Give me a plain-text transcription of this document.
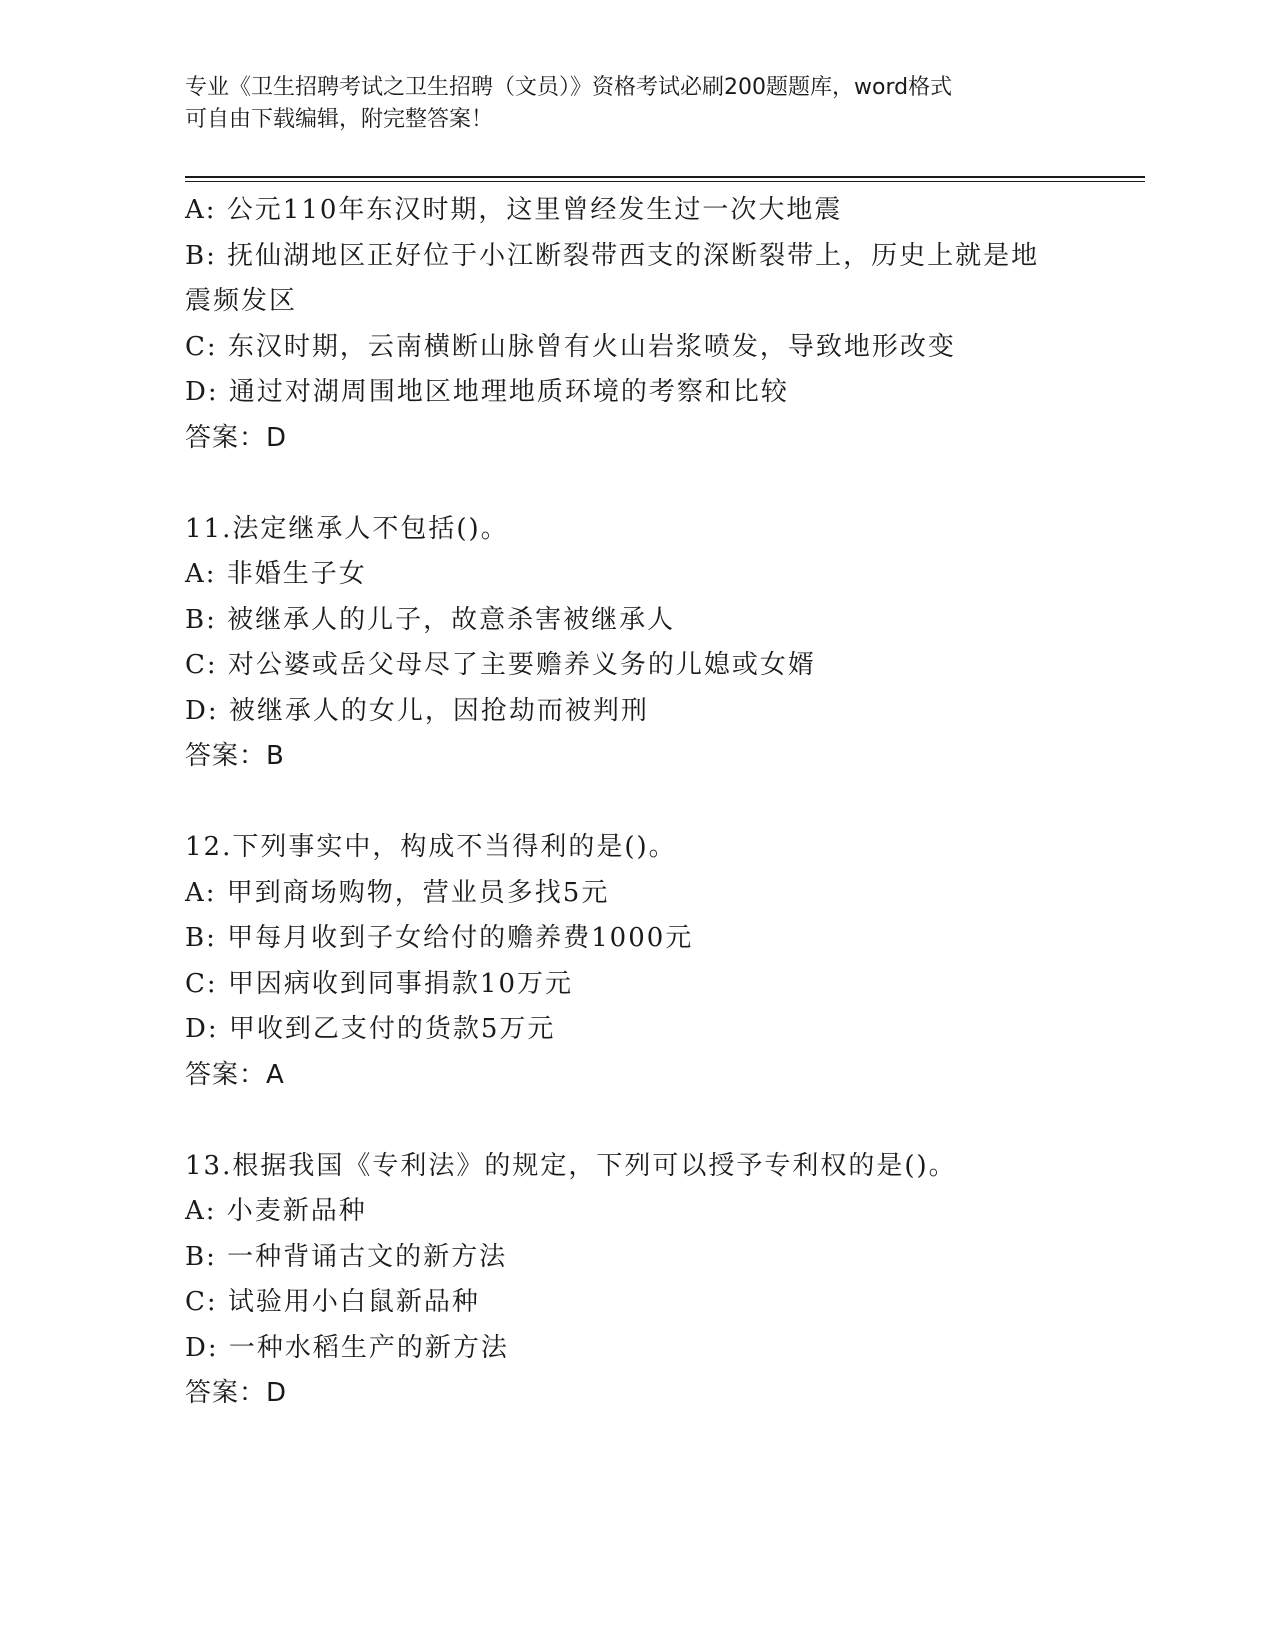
专业《卫生招聘考试之卫生招聘（文员）》资格考试必刷200题题库，word格式
可自由下载编辑，附完整答案！
A: 公元110年东汉时期，这里曾经发生过一次大地震
B: 抚仙湖地区正好位于小江断裂带西支的深断裂带上，历史上就是地
震频发区
C: 东汉时期，云南横断山脉曾有火山岩浆喷发，导致地形改变
D: 通过对湖周围地区地理地质环境的考察和比较
答案：D
11.法定继承人不包括()。
A: 非婚生子女
B: 被继承人的儿子，故意杀害被继承人
C: 对公婆或岳父母尽了主要赡养义务的儿媳或女婿
D: 被继承人的女儿，因抢劫而被判刑
答案：B
12.下列事实中，构成不当得利的是()。
A: 甲到商场购物，营业员多找5元
B: 甲每月收到子女给付的赡养费1000元
C: 甲因病收到同事捐款10万元
D: 甲收到乙支付的货款5万元
答案：A
13.根据我国《专利法》的规定，下列可以授予专利权的是()。
A: 小麦新品种
B: 一种背诵古文的新方法
C: 试验用小白鼠新品种
D: 一种水稻生产的新方法
答案：D
